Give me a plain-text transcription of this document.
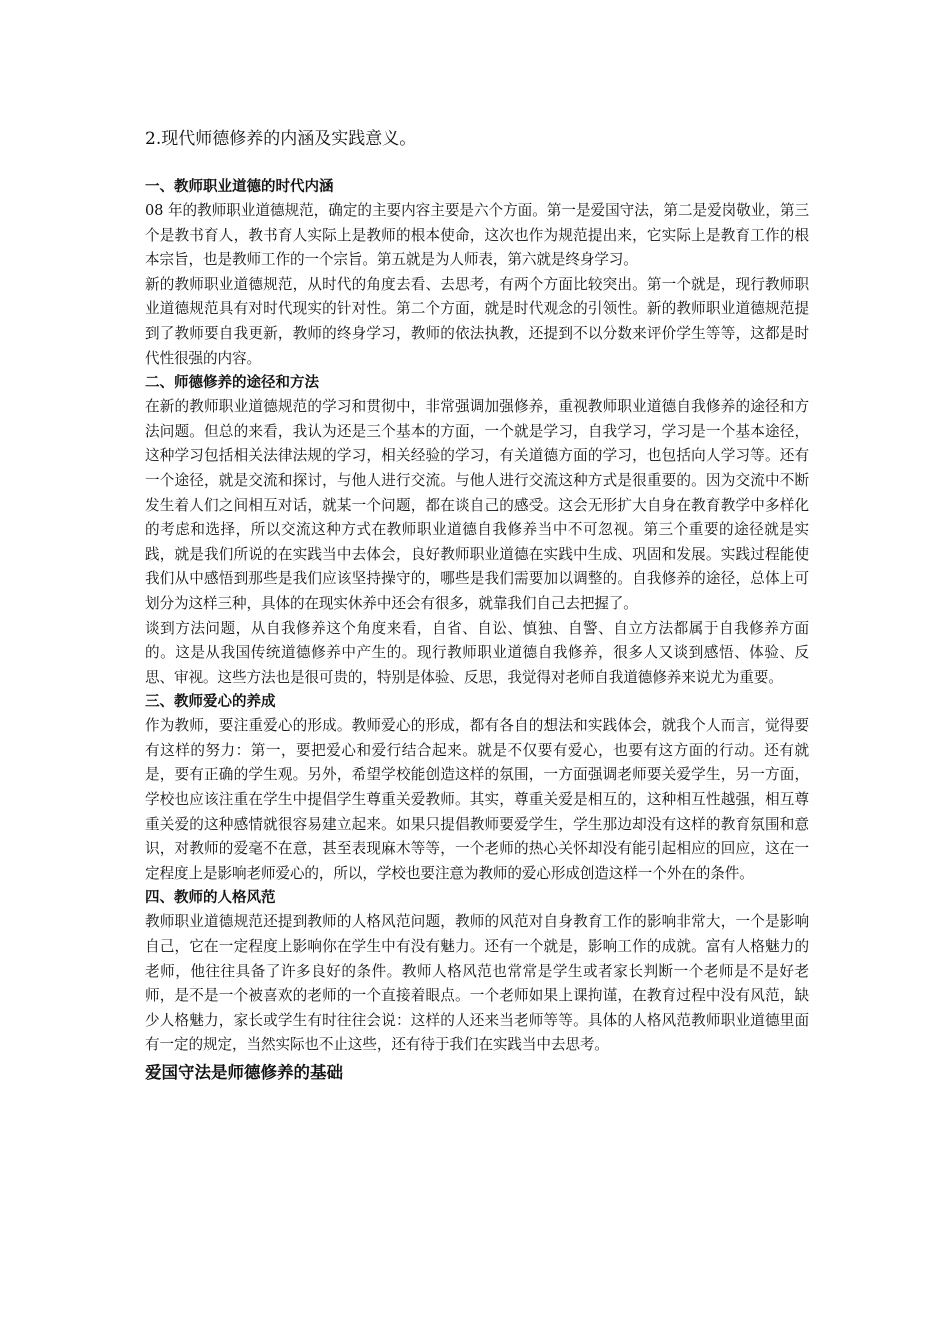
2.现代师德修养的内涵及实践意义。
一、教师职业道德的时代内涵

08 年的教师职业道德规范，确定的主要内容主要是六个方面。第一是爱国守法，第二是爱岗敬业，第三个是教书育人，教书育人实际上是教师的根本使命，这次也作为规范提出来，它实际上是教育工作的根本宗旨，也是教师工作的一个宗旨。第五就是为人师表，第六就是终身学习。

新的教师职业道德规范，从时代的角度去看、去思考，有两个方面比较突出。第一个就是，现行教师职业道德规范具有对时代现实的针对性。第二个方面，就是时代观念的引领性。新的教师职业道德规范提到了教师要自我更新，教师的终身学习，教师的依法执教，还提到不以分数来评价学生等等，这都是时代性很强的内容。

二、师德修养的途径和方法

在新的教师职业道德规范的学习和贯彻中，非常强调加强修养，重视教师职业道德自我修养的途径和方法问题。但总的来看，我认为还是三个基本的方面，一个就是学习，自我学习，学习是一个基本途径，这种学习包括相关法律法规的学习，相关经验的学习，有关道德方面的学习，也包括向人学习等。还有一个途径，就是交流和探讨，与他人进行交流。与他人进行交流这种方式是很重要的。因为交流中不断发生着人们之间相互对话，就某一个问题，都在谈自己的感受。这会无形扩大自身在教育教学中多样化的考虑和选择，所以交流这种方式在教师职业道德自我修养当中不可忽视。第三个重要的途径就是实践，就是我们所说的在实践当中去体会，良好教师职业道德在实践中生成、巩固和发展。实践过程能使我们从中感悟到那些是我们应该坚持操守的，哪些是我们需要加以调整的。自我修养的途径，总体上可划分为这样三种，具体的在现实休养中还会有很多，就靠我们自己去把握了。

谈到方法问题，从自我修养这个角度来看，自省、自讼、慎独、自警、自立方法都属于自我修养方面的。这是从我国传统道德修养中产生的。现行教师职业道德自我修养，很多人又谈到感悟、体验、反思、审视。这些方法也是很可贵的，特别是体验、反思，我觉得对老师自我道德修养来说尤为重要。

三、教师爱心的养成

作为教师，要注重爱心的形成。教师爱心的形成，都有各自的想法和实践体会，就我个人而言，觉得要有这样的努力：第一，要把爱心和爱行结合起来。就是不仅要有爱心，也要有这方面的行动。还有就是，要有正确的学生观。另外，希望学校能创造这样的氛围，一方面强调老师要关爱学生，另一方面，学校也应该注重在学生中提倡学生尊重关爱教师。其实，尊重关爱是相互的，这种相互性越强，相互尊重关爱的这种感情就很容易建立起来。如果只提倡教师要爱学生，学生那边却没有这样的教育氛围和意识，对教师的爱毫不在意，甚至表现麻木等等，一个老师的热心关怀却没有能引起相应的回应，这在一定程度上是影响老师爱心的，所以，学校也要注意为教师的爱心形成创造这样一个外在的条件。

四、教师的人格风范

教师职业道德规范还提到教师的人格风范问题，教师的风范对自身教育工作的影响非常大，一个是影响自己，它在一定程度上影响你在学生中有没有魅力。还有一个就是，影响工作的成就。富有人格魅力的老师，他往往具备了许多良好的条件。教师人格风范也常常是学生或者家长判断一个老师是不是好老师，是不是一个被喜欢的老师的一个直接着眼点。一个老师如果上课拘谨，在教育过程中没有风范，缺少人格魅力，家长或学生有时往往会说：这样的人还来当老师等等。具体的人格风范教师职业道德里面有一定的规定，当然实际也不止这些，还有待于我们在实践当中去思考。

爱国守法是师德修养的基础
